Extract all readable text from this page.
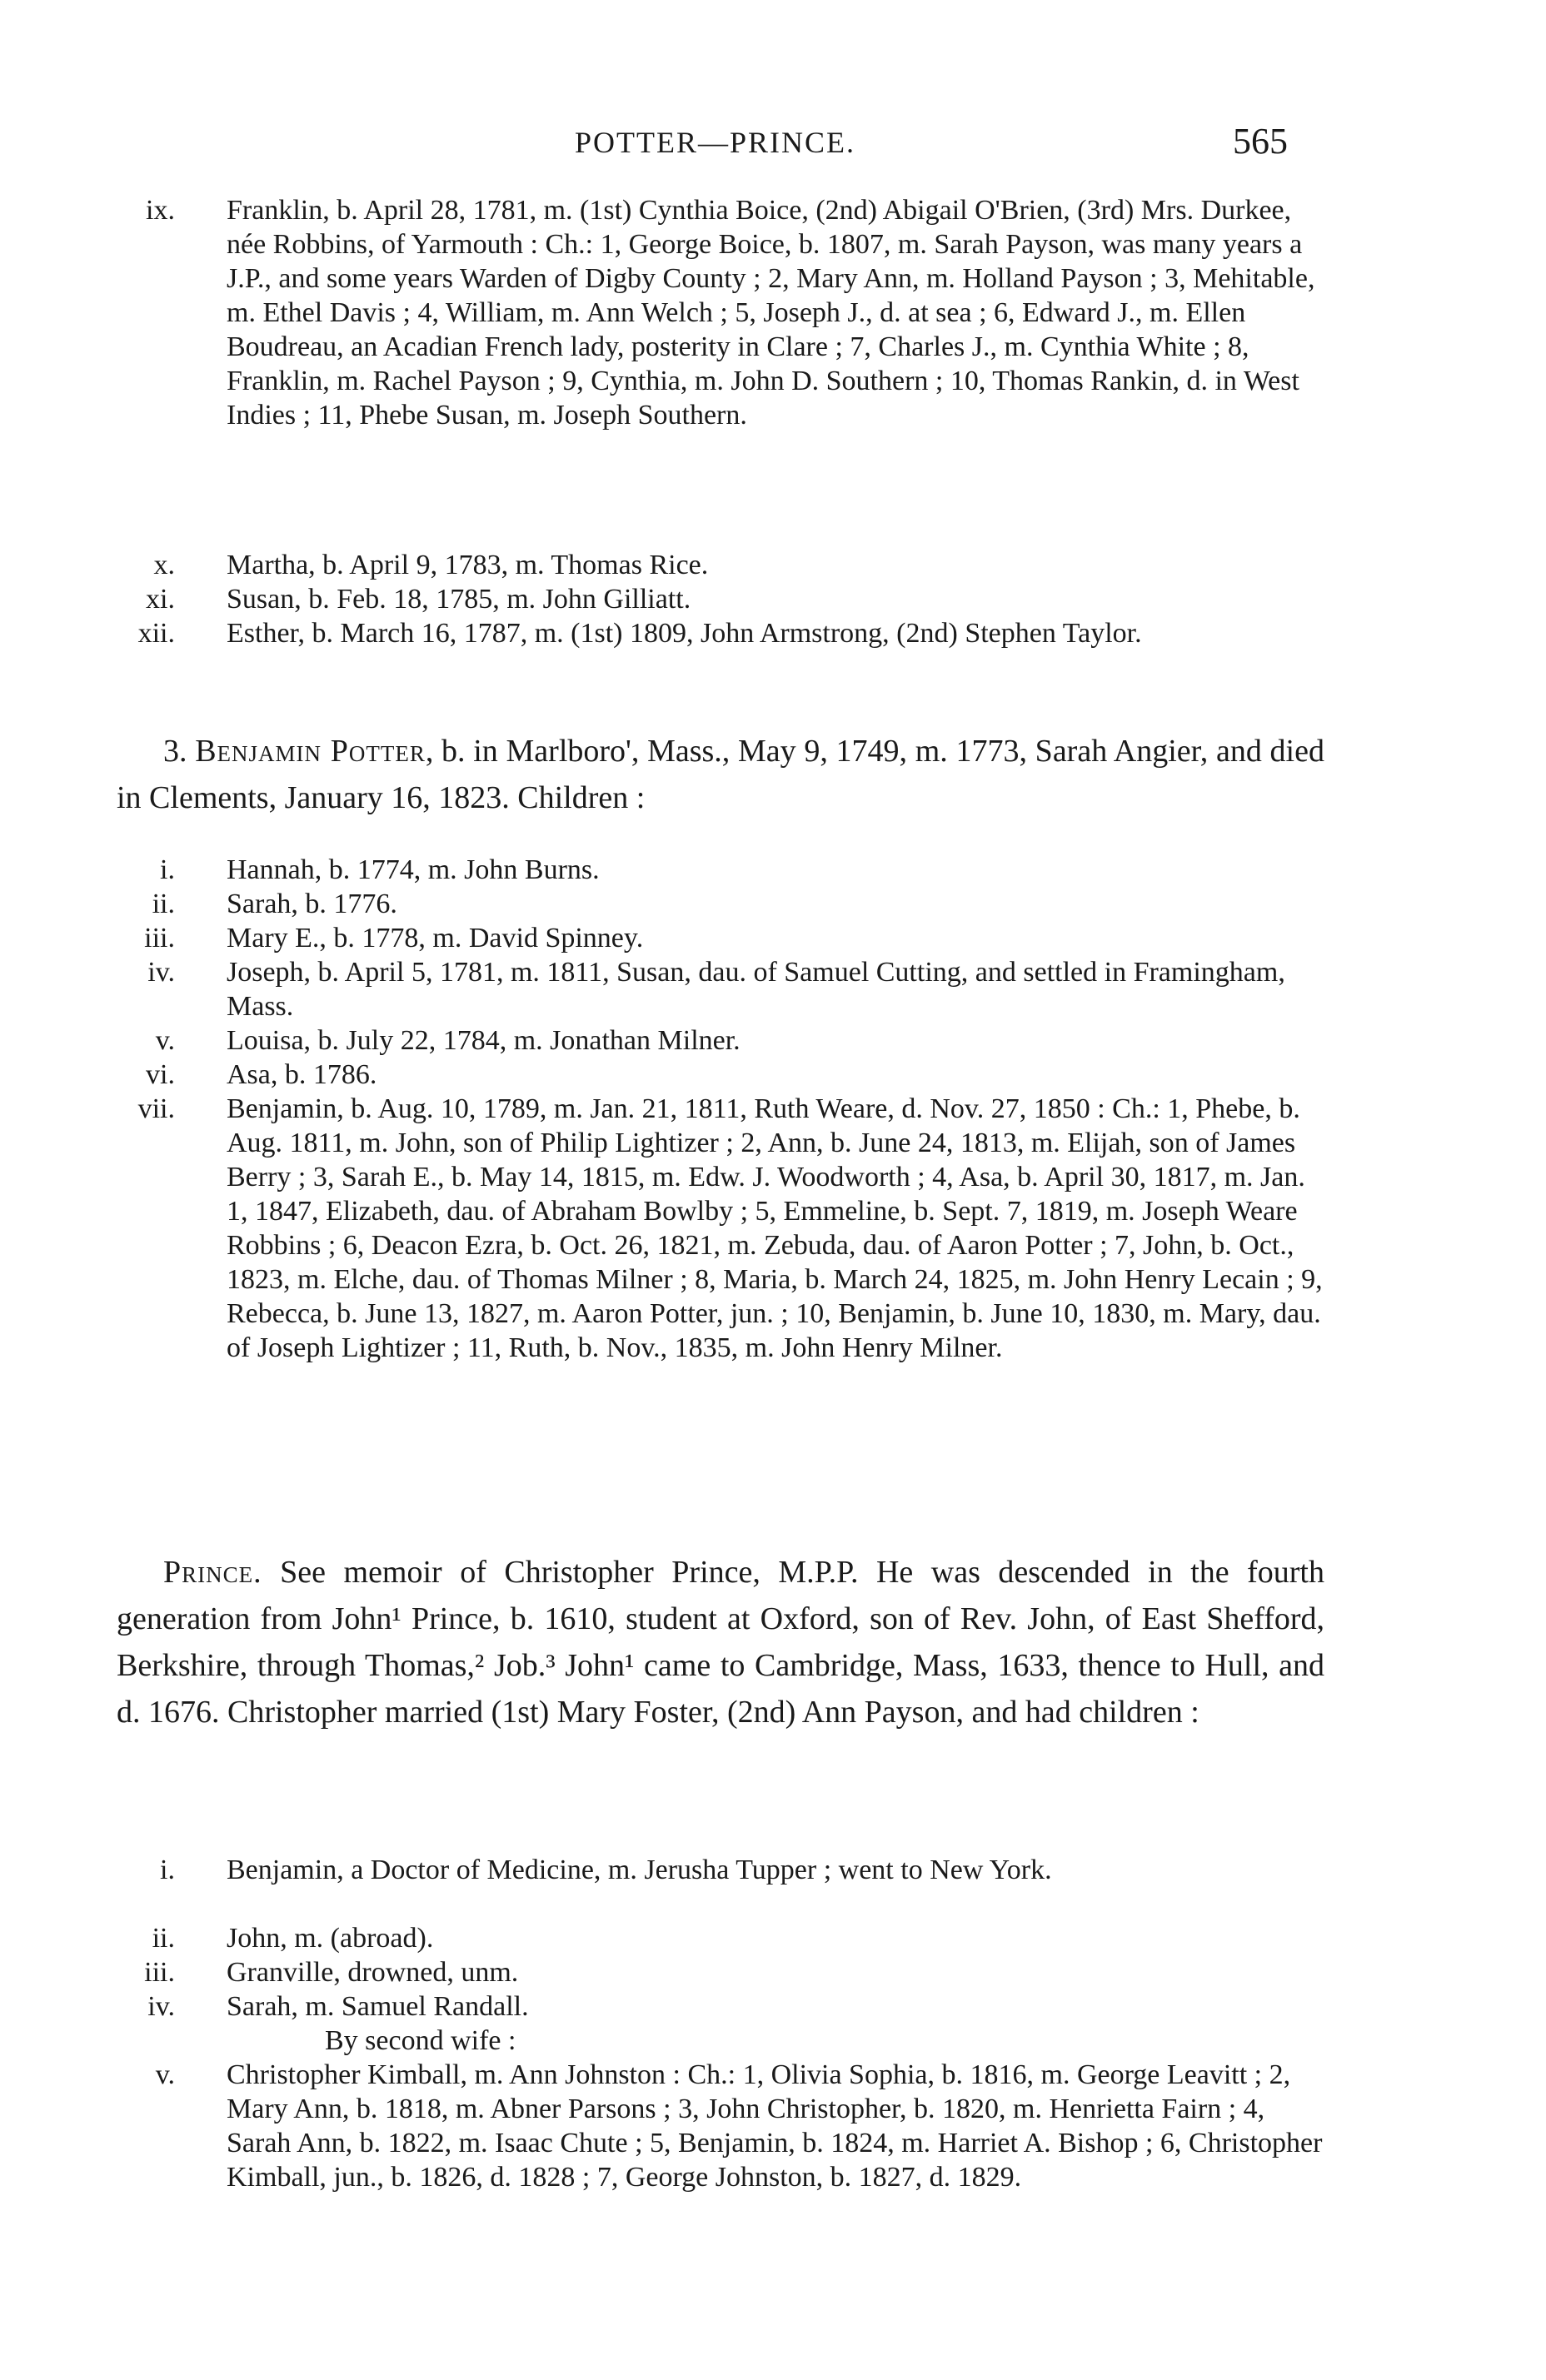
POTTER—PRINCE.	565
ix.	Franklin, b. April 28, 1781, m. (1st) Cynthia Boice, (2nd) Abigail O'Brien, (3rd) Mrs. Durkee, née Robbins, of Yarmouth : Ch.: 1, George Boice, b. 1807, m. Sarah Payson, was many years a J.P., and some years Warden of Digby County ; 2, Mary Ann, m. Holland Payson ; 3, Mehitable, m. Ethel Davis ; 4, William, m. Ann Welch ; 5, Joseph J., d. at sea ; 6, Edward J., m. Ellen Boudreau, an Acadian French lady, posterity in Clare ; 7, Charles J., m. Cynthia White ; 8, Franklin, m. Rachel Payson ; 9, Cynthia, m. John D. Southern ; 10, Thomas Rankin, d. in West Indies ; 11, Phebe Susan, m. Joseph Southern.
x.	Martha, b. April 9, 1783, m. Thomas Rice.
xi.	Susan, b. Feb. 18, 1785, m. John Gilliatt.
xii.	Esther, b. March 16, 1787, m. (1st) 1809, John Armstrong, (2nd) Stephen Taylor.
3. Benjamin Potter, b. in Marlboro', Mass., May 9, 1749, m. 1773, Sarah Angier, and died in Clements, January 16, 1823. Children :
i.	Hannah, b. 1774, m. John Burns.
ii.	Sarah, b. 1776.
iii.	Mary E., b. 1778, m. David Spinney.
iv.	Joseph, b. April 5, 1781, m. 1811, Susan, dau. of Samuel Cutting, and settled in Framingham, Mass.
v.	Louisa, b. July 22, 1784, m. Jonathan Milner.
vi.	Asa, b. 1786.
vii.	Benjamin, b. Aug. 10, 1789, m. Jan. 21, 1811, Ruth Weare, d. Nov. 27, 1850 : Ch.: 1, Phebe, b. Aug. 1811, m. John, son of Philip Lightizer ; 2, Ann, b. June 24, 1813, m. Elijah, son of James Berry ; 3, Sarah E., b. May 14, 1815, m. Edw. J. Woodworth ; 4, Asa, b. April 30, 1817, m. Jan. 1, 1847, Elizabeth, dau. of Abraham Bowlby ; 5, Emmeline, b. Sept. 7, 1819, m. Joseph Weare Robbins ; 6, Deacon Ezra, b. Oct. 26, 1821, m. Zebuda, dau. of Aaron Potter ; 7, John, b. Oct., 1823, m. Elche, dau. of Thomas Milner ; 8, Maria, b. March 24, 1825, m. John Henry Lecain ; 9, Rebecca, b. June 13, 1827, m. Aaron Potter, jun. ; 10, Benjamin, b. June 10, 1830, m. Mary, dau. of Joseph Lightizer ; 11, Ruth, b. Nov., 1835, m. John Henry Milner.
Prince. See memoir of Christopher Prince, M.P.P. He was descended in the fourth generation from John¹ Prince, b. 1610, student at Oxford, son of Rev. John, of East Shefford, Berkshire, through Thomas,² Job.³ John¹ came to Cambridge, Mass, 1633, thence to Hull, and d. 1676. Christopher married (1st) Mary Foster, (2nd) Ann Payson, and had children :
i.	Benjamin, a Doctor of Medicine, m. Jerusha Tupper ; went to New York.
ii.	John, m. (abroad).
iii.	Granville, drowned, unm.
iv.	Sarah, m. Samuel Randall.
By second wife :
v.	Christopher Kimball, m. Ann Johnston : Ch.: 1, Olivia Sophia, b. 1816, m. George Leavitt ; 2, Mary Ann, b. 1818, m. Abner Parsons ; 3, John Christopher, b. 1820, m. Henrietta Fairn ; 4, Sarah Ann, b. 1822, m. Isaac Chute ; 5, Benjamin, b. 1824, m. Harriet A. Bishop ; 6, Christopher Kimball, jun., b. 1826, d. 1828 ; 7, George Johnston, b. 1827, d. 1829.
